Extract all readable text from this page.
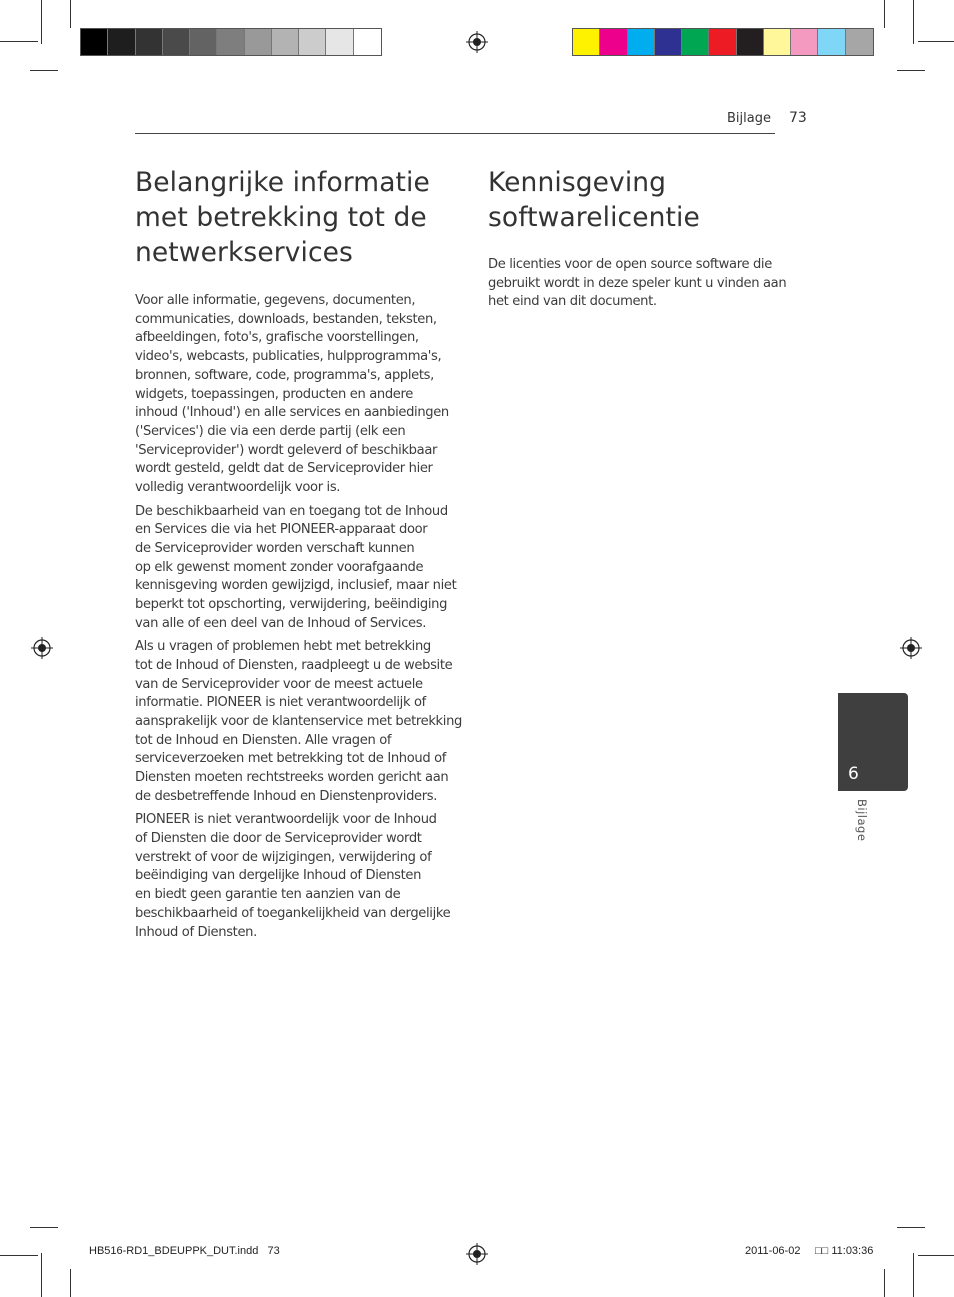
Bijlage 73
Belangrijke informatie
met betrekking tot de
netwerkservices

Voor alle informatie, gegevens, documenten,
communicaties, downloads, bestanden, teksten,
afbeeldingen, foto's, grafische voorstellingen,
video's, webcasts, publicaties, hulpprogramma's,
bronnen, software, code, programma's, applets,
widgets, toepassingen, producten en andere
inhoud ('Inhoud') en alle services en aanbiedingen
('Services') die via een derde partij (elk een
'Serviceprovider') wordt geleverd of beschikbaar
wordt gesteld, geldt dat de Serviceprovider hier
volledig verantwoordelijk voor is.

De beschikbaarheid van en toegang tot de Inhoud
en Services die via het PIONEER-apparaat door
de Serviceprovider worden verschaft kunnen
op elk gewenst moment zonder voorafgaande
kennisgeving worden gewijzigd, inclusief, maar niet
beperkt tot opschorting, verwijdering, beëindiging
van alle of een deel van de Inhoud of Services.

Als u vragen of problemen hebt met betrekking
tot de Inhoud of Diensten, raadpleegt u de website
van de Serviceprovider voor de meest actuele
informatie. PIONEER is niet verantwoordelijk of
aansprakelijk voor de klantenservice met betrekking
tot de Inhoud en Diensten. Alle vragen of
serviceverzoeken met betrekking tot de Inhoud of
Diensten moeten rechtstreeks worden gericht aan
de desbetreffende Inhoud en Dienstenproviders.

PIONEER is niet verantwoordelijk voor de Inhoud
of Diensten die door de Serviceprovider wordt
verstrekt of voor de wijzigingen, verwijdering of
beëindiging van dergelijke Inhoud of Diensten
en biedt geen garantie ten aanzien van de
beschikbaarheid of toegankelijkheid van dergelijke
Inhoud of Diensten.

Kennisgeving
softwarelicentie

De licenties voor de open source software die
gebruikt wordt in deze speler kunt u vinden aan
het eind van dit document.

6
Bijlage
HB516-RD1_BDEUPPK_DUT.indd   73	2011-06-02 □□ 11:03:36
